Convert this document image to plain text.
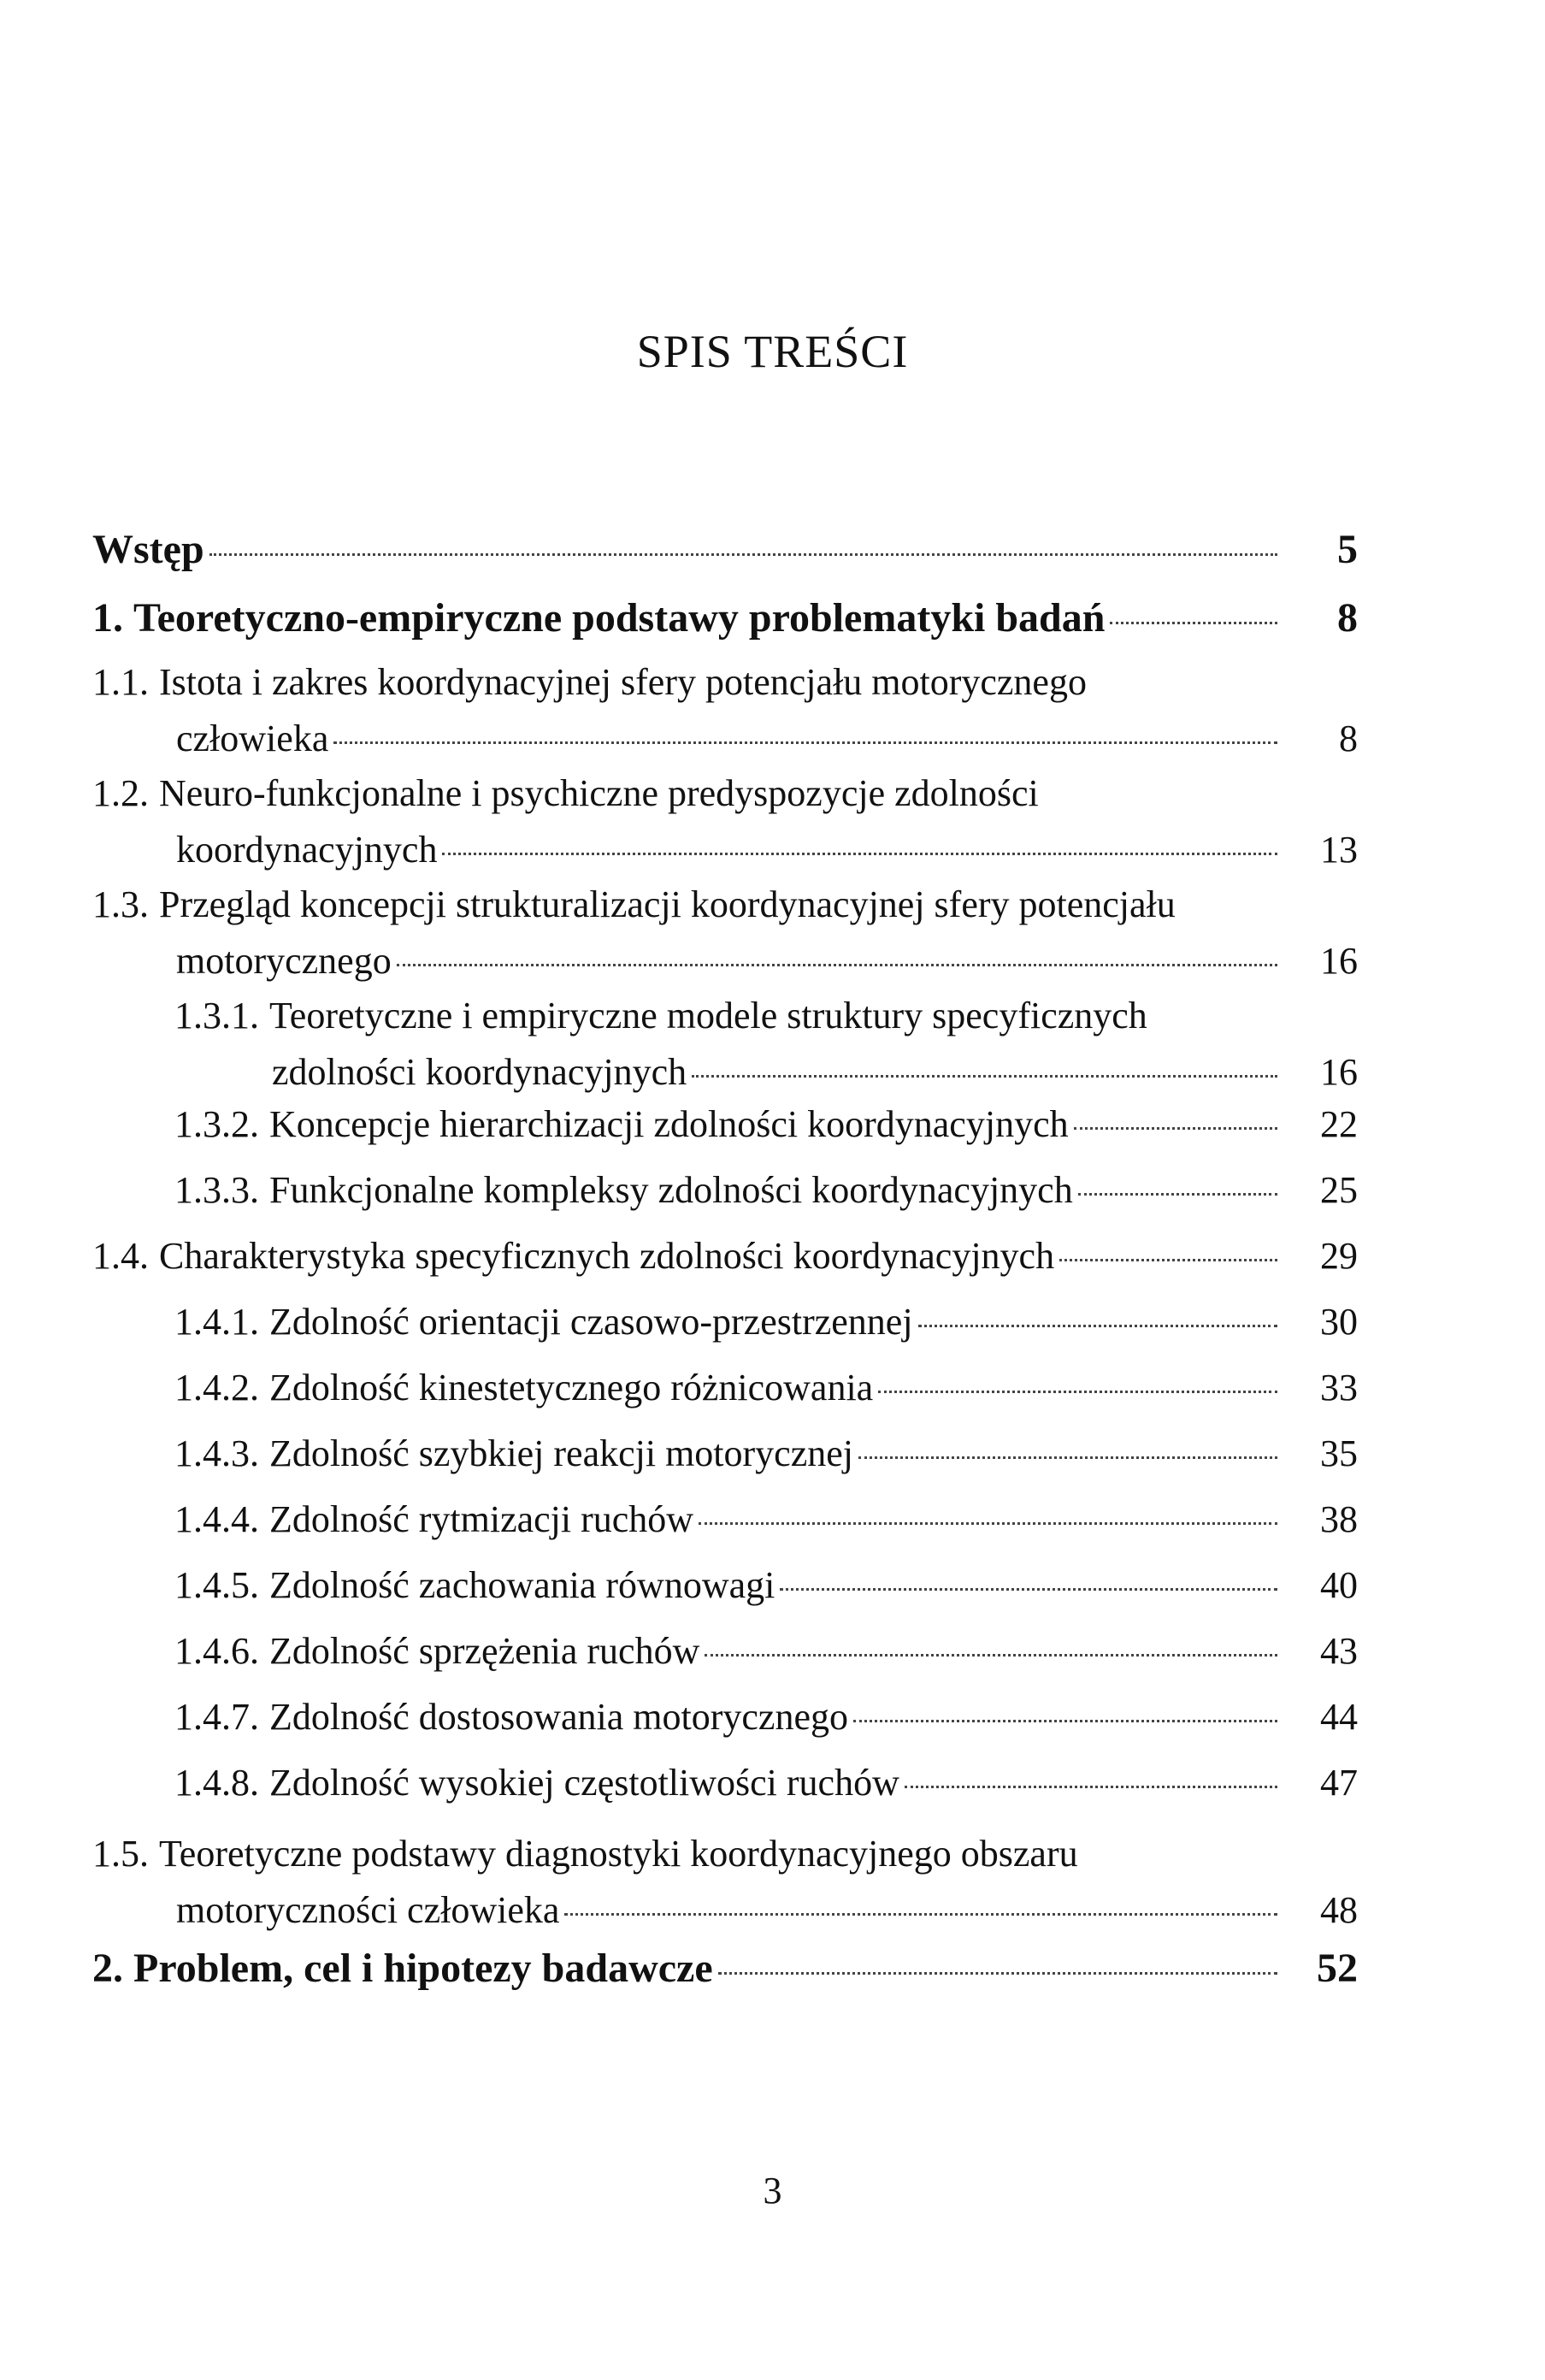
SPIS TREŚCI
Wstęp	5
1. Teoretyczno-empiryczne podstawy problematyki badań	8
1.1. Istota i zakres koordynacyjnej sfery potencjału motorycznego
człowieka	8
1.2. Neuro-funkcjonalne i psychiczne predyspozycje zdolności
koordynacyjnych	13
1.3. Przegląd koncepcji strukturalizacji koordynacyjnej sfery potencjału
motorycznego	16
1.3.1. Teoretyczne i empiryczne modele struktury specyficznych
zdolności koordynacyjnych	16
1.3.2. Koncepcje hierarchizacji zdolności koordynacyjnych	22
1.3.3. Funkcjonalne kompleksy zdolności koordynacyjnych	25
1.4. Charakterystyka specyficznych zdolności koordynacyjnych	29
1.4.1. Zdolność orientacji czasowo-przestrzennej	30
1.4.2. Zdolność kinestetycznego różnicowania	33
1.4.3. Zdolność szybkiej reakcji motorycznej	35
1.4.4. Zdolność rytmizacji ruchów	38
1.4.5. Zdolność zachowania równowagi	40
1.4.6. Zdolność sprzężenia ruchów	43
1.4.7. Zdolność dostosowania motorycznego	44
1.4.8. Zdolność wysokiej częstotliwości ruchów	47
1.5. Teoretyczne podstawy diagnostyki koordynacyjnego obszaru
motoryczności człowieka	48
2. Problem, cel i hipotezy badawcze	52
3
